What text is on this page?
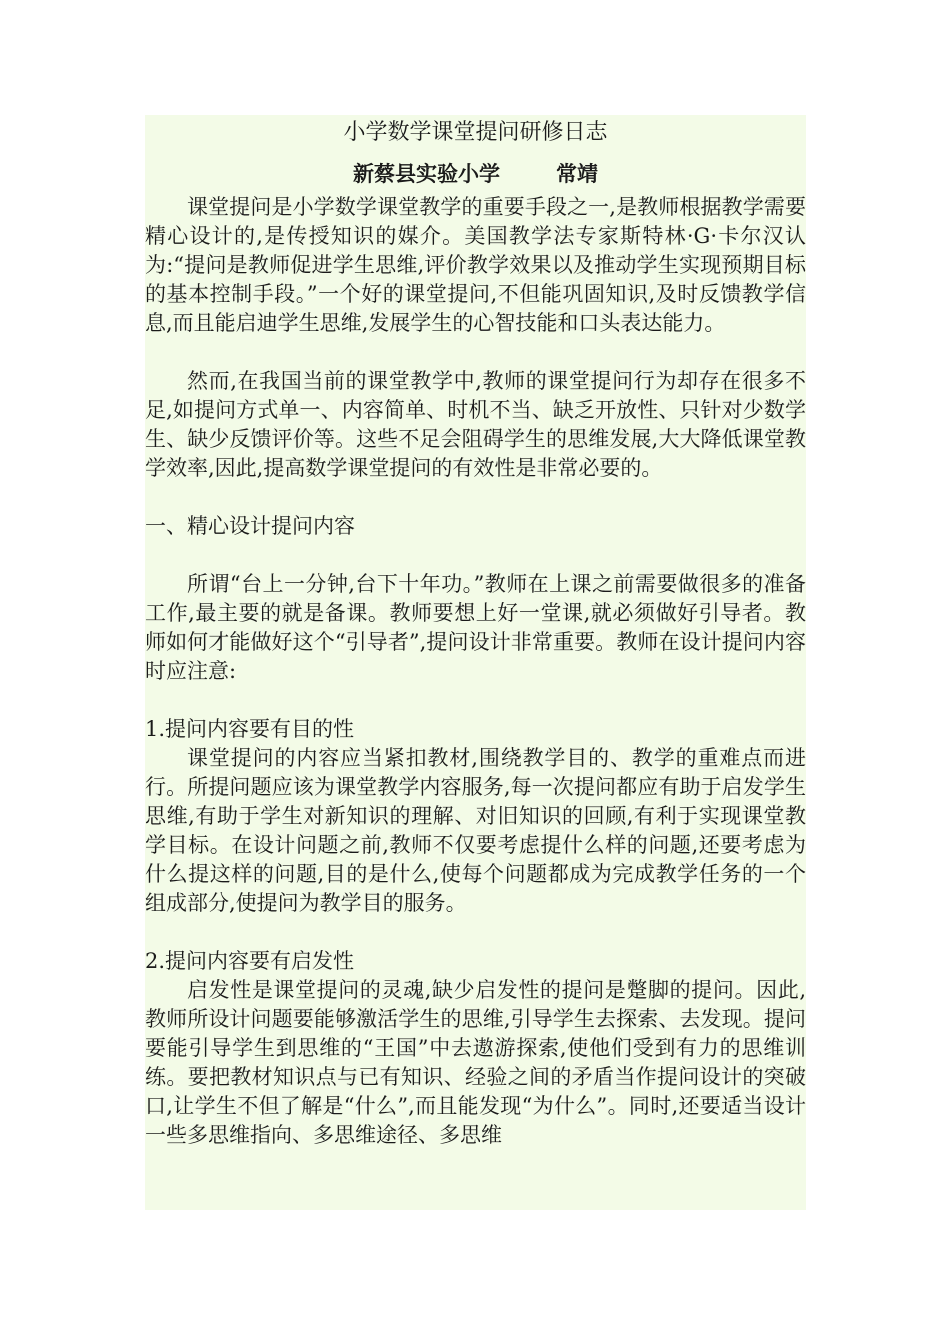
小学数学课堂提问研修日志
新蔡县实验小学	常靖

课堂提问是小学数学课堂教学的重要手段之一,是教师根据教学需要精心设计的,是传授知识的媒介。美国教学法专家斯特林·G·卡尔汉认为:“提问是教师促进学生思维,评价教学效果以及推动学生实现预期目标的基本控制手段。”一个好的课堂提问,不但能巩固知识,及时反馈教学信息,而且能启迪学生思维,发展学生的心智技能和口头表达能力。

然而,在我国当前的课堂教学中,教师的课堂提问行为却存在很多不足,如提问方式单一、内容简单、时机不当、缺乏开放性、只针对少数学生、缺少反馈评价等。这些不足会阻碍学生的思维发展,大大降低课堂教学效率,因此,提高数学课堂提问的有效性是非常必要的。

一、精心设计提问内容

所谓“台上一分钟,台下十年功。”教师在上课之前需要做很多的准备工作,最主要的就是备课。教师要想上好一堂课,就必须做好引导者。教师如何才能做好这个“引导者”,提问设计非常重要。教师在设计提问内容时应注意:

1.提问内容要有目的性

课堂提问的内容应当紧扣教材,围绕教学目的、教学的重难点而进行。所提问题应该为课堂教学内容服务,每一次提问都应有助于启发学生思维,有助于学生对新知识的理解、对旧知识的回顾,有利于实现课堂教学目标。在设计问题之前,教师不仅要考虑提什么样的问题,还要考虑为什么提这样的问题,目的是什么,使每个问题都成为完成教学任务的一个组成部分,使提问为教学目的服务。

2.提问内容要有启发性

启发性是课堂提问的灵魂,缺少启发性的提问是蹩脚的提问。因此,教师所设计问题要能够激活学生的思维,引导学生去探索、去发现。提问要能引导学生到思维的“王国”中去遨游探索,使他们受到有力的思维训练。要把教材知识点与已有知识、经验之间的矛盾当作提问设计的突破口,让学生不但了解是“什么”,而且能发现“为什么”。同时,还要适当设计一些多思维指向、多思维途径、多思维
